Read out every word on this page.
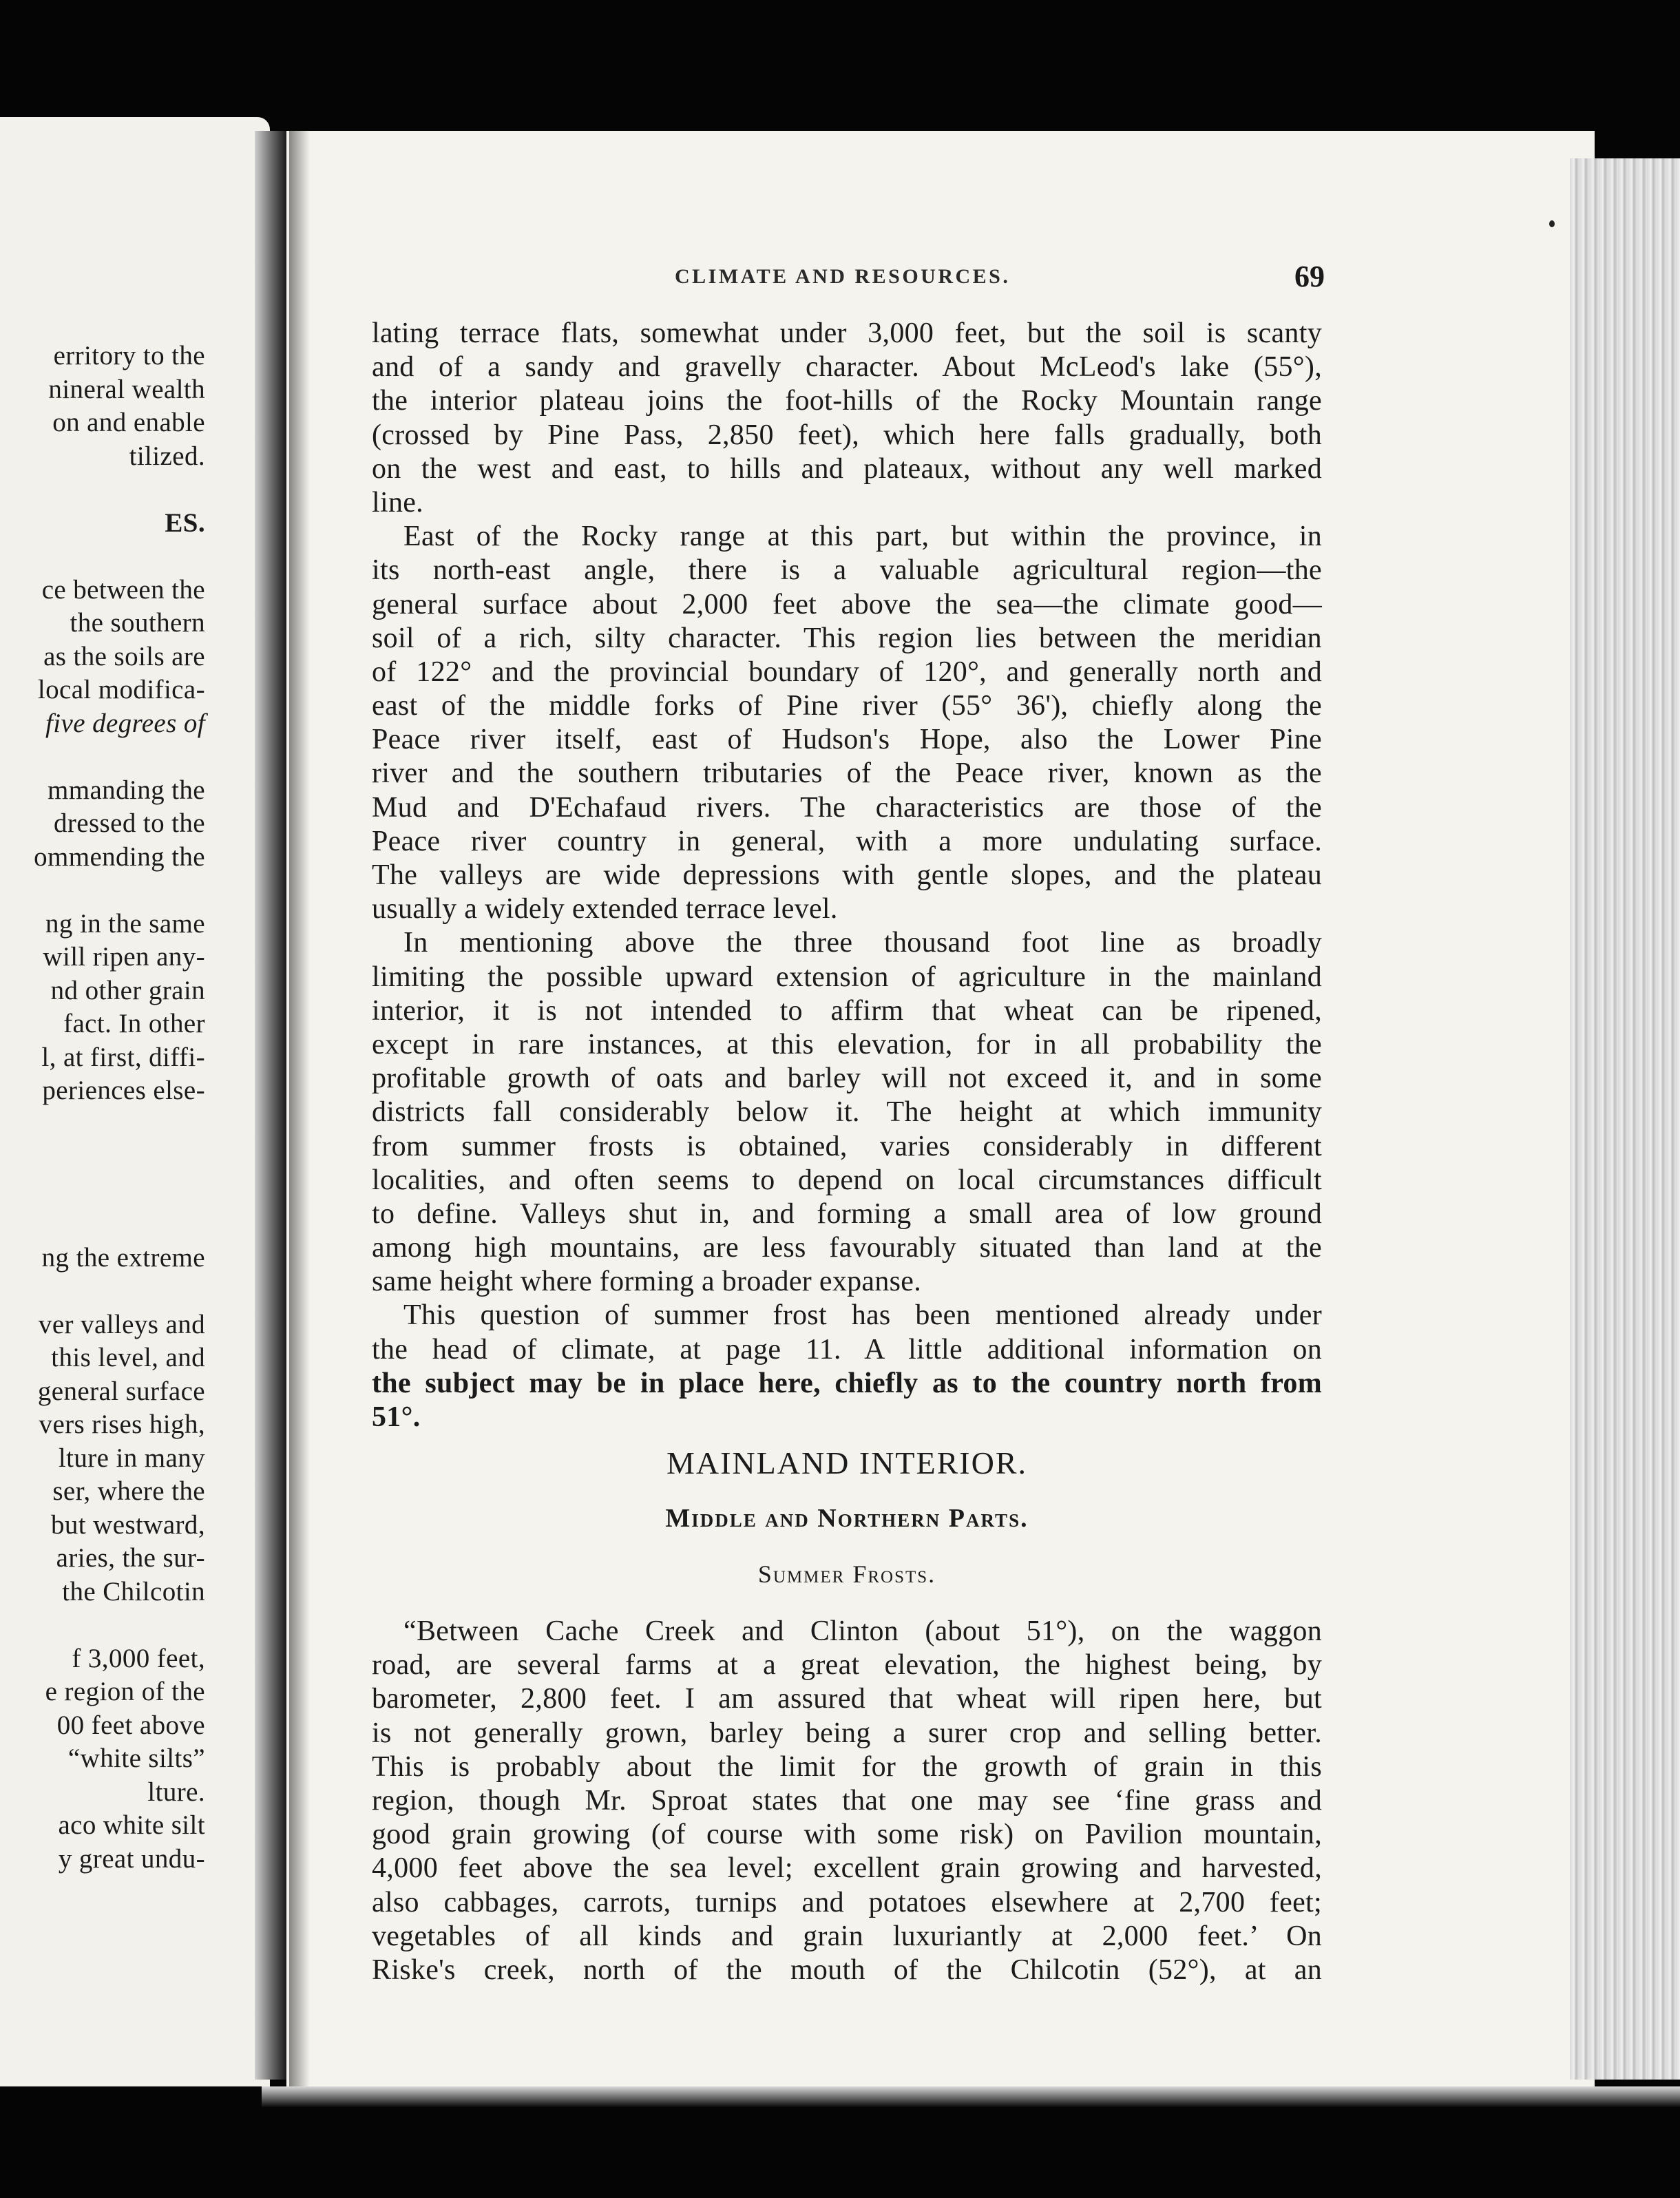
erritory to the
nineral wealth
on and enable
tilized.
ES.
ce between the
the southern
as the soils are
local modifica-
five degrees of
mmanding the
dressed to the
ommending the
ng in the same
will ripen any-
nd other grain
fact. In other
l, at first, diffi-
periences else-
ng the extreme
ver valleys and
this level, and
general surface
vers rises high,
lture in many
ser, where the
but westward,
aries, the sur-
the Chilcotin
f 3,000 feet,
e region of the
00 feet above
“white silts”
lture.
aco white silt
y great undu-
CLIMATE AND RESOURCES.	69
lating terrace flats, somewhat under 3,000 feet, but the soil is scanty
and of a sandy and gravelly character. About McLeod's lake (55°),
the interior plateau joins the foot-hills of the Rocky Mountain range
(crossed by Pine Pass, 2,850 feet), which here falls gradually, both
on the west and east, to hills and plateaux, without any well marked
line.
East of the Rocky range at this part, but within the province, in
its north-east angle, there is a valuable agricultural region—the
general surface about 2,000 feet above the sea—the climate good—
soil of a rich, silty character. This region lies between the meridian
of 122° and the provincial boundary of 120°, and generally north and
east of the middle forks of Pine river (55° 36'), chiefly along the
Peace river itself, east of Hudson's Hope, also the Lower Pine
river and the southern tributaries of the Peace river, known as the
Mud and D'Echafaud rivers. The characteristics are those of the
Peace river country in general, with a more undulating surface.
The valleys are wide depressions with gentle slopes, and the plateau
usually a widely extended terrace level.
In mentioning above the three thousand foot line as broadly
limiting the possible upward extension of agriculture in the mainland
interior, it is not intended to affirm that wheat can be ripened,
except in rare instances, at this elevation, for in all probability the
profitable growth of oats and barley will not exceed it, and in some
districts fall considerably below it. The height at which immunity
from summer frosts is obtained, varies considerably in different
localities, and often seems to depend on local circumstances difficult
to define. Valleys shut in, and forming a small area of low ground
among high mountains, are less favourably situated than land at the
same height where forming a broader expanse.
This question of summer frost has been mentioned already under
the head of climate, at page 11. A little additional information on
the subject may be in place here, chiefly as to the country north from
51°.
MAINLAND INTERIOR.
Middle and Northern Parts.
Summer Frosts.
“Between Cache Creek and Clinton (about 51°), on the waggon
road, are several farms at a great elevation, the highest being, by
barometer, 2,800 feet. I am assured that wheat will ripen here, but
is not generally grown, barley being a surer crop and selling better.
This is probably about the limit for the growth of grain in this
region, though Mr. Sproat states that one may see ‘fine grass and
good grain growing (of course with some risk) on Pavilion mountain,
4,000 feet above the sea level; excellent grain growing and harvested,
also cabbages, carrots, turnips and potatoes elsewhere at 2,700 feet;
vegetables of all kinds and grain luxuriantly at 2,000 feet.’ On
Riske's creek, north of the mouth of the Chilcotin (52°), at an
